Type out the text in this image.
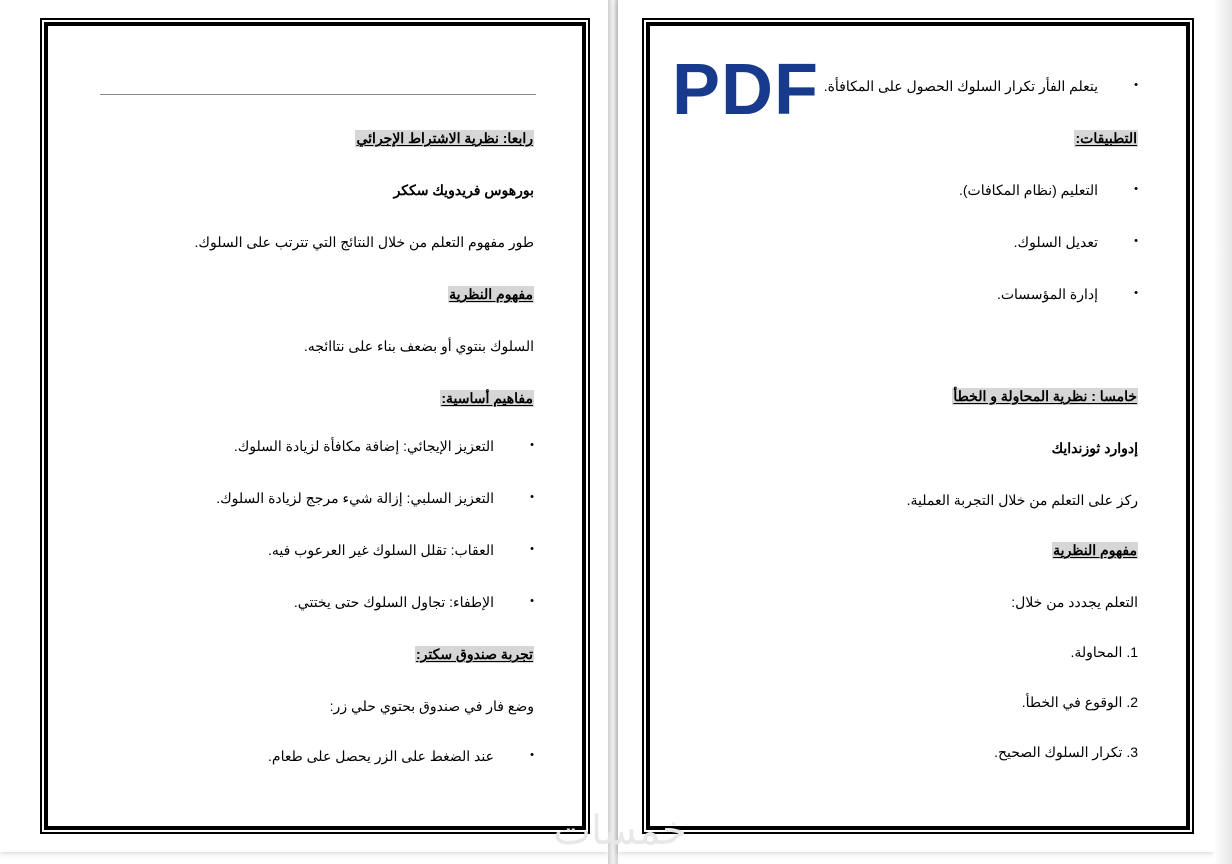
رابعا: نظرية الاشتراط الإجرائي
بورهوس فريدويك سككر
طور مفهوم التعلم من خلال النتائج التي تترتب على السلوك.
مفهوم النظرية
السلوك بنتوي أو بضعف بناء على نتاائجه.
مفاهيم أساسية:
التعزيز الإيجائي: إضافة مكافأة لزيادة السلوك. •
التعزيز السلبي: إزالة شيء مرجج لزيادة السلوك. •
العقاب: تقلل السلوك غير العرعوب فيه. •
الإطفاء: تجاول السلوك حتى يختتي. •
تجربة صندوق سكتر:
وضع فار في صندوق بحتوي حلي زر:
عند الضغط على الزر يحصل على طعام. •
PDF يتعلم الفأر تكرار السلوك الحصول على المكافأة. •
التطبيقات:
التعليم (نظام المكافات). •
تعديل السلوك. •
إدارة المؤسسات. •
خامسا : نظرية المحاولة و الخطأ
إدوارد ثوزندايك
ركز على التعلم من خلال التجربة العملية.
مفهوم النظرية
التعلم يجددد من خلال:
1. المحاولة.
2. الوقوع في الخطأ.
3. تكرار السلوك الصحيح.
خمسات
